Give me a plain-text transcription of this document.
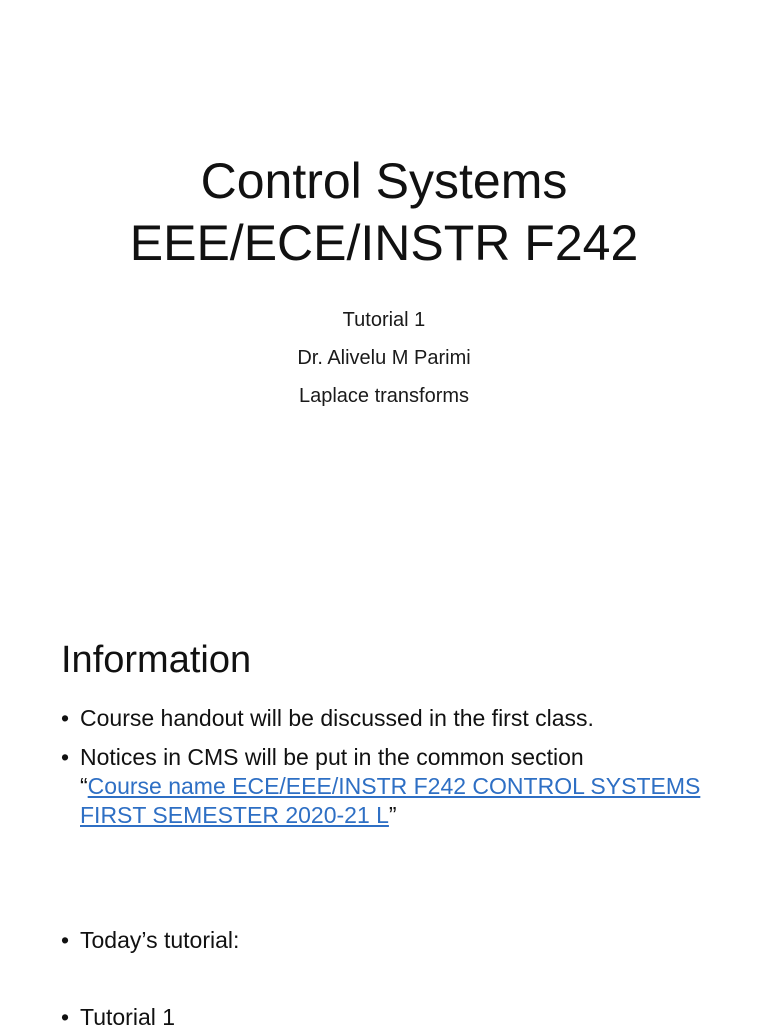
Control Systems
EEE/ECE/INSTR F242
Tutorial 1
Dr. Alivelu M Parimi
Laplace transforms
Information
• Course handout will be discussed in the first class.
• Notices in CMS will be put in the common section
“Course name ECE/EEE/INSTR F242 CONTROL SYSTEMS FIRST SEMESTER 2020-21 L”
• Today’s tutorial:
• Tutorial 1
